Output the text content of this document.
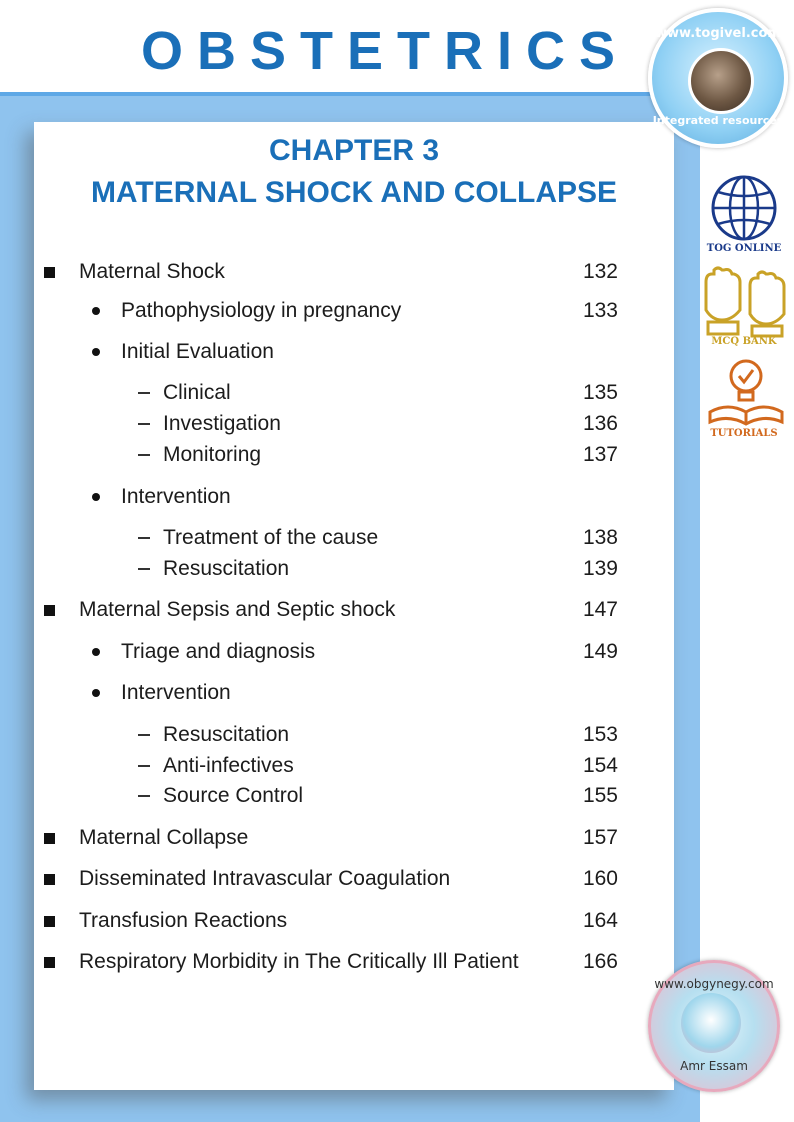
OBSTETRICS
CHAPTER 3
MATERNAL SHOCK AND COLLAPSE
Maternal Shock	132
Pathophysiology in pregnancy	133
Initial Evaluation
Clinical	135
Investigation	136
Monitoring	137
Intervention
Treatment of the cause	138
Resuscitation	139
Maternal Sepsis and Septic shock	147
Triage and diagnosis	149
Intervention
Resuscitation	153
Anti-infectives	154
Source Control	155
Maternal Collapse	157
Disseminated Intravascular Coagulation	160
Transfusion Reactions	164
Respiratory Morbidity in The Critically Ill Patient	166
www.togivel.com
Integrated resources
TOG ONLINE
MCQ BANK
TUTORIALS
www.obgynegy.com
Amr Essam
